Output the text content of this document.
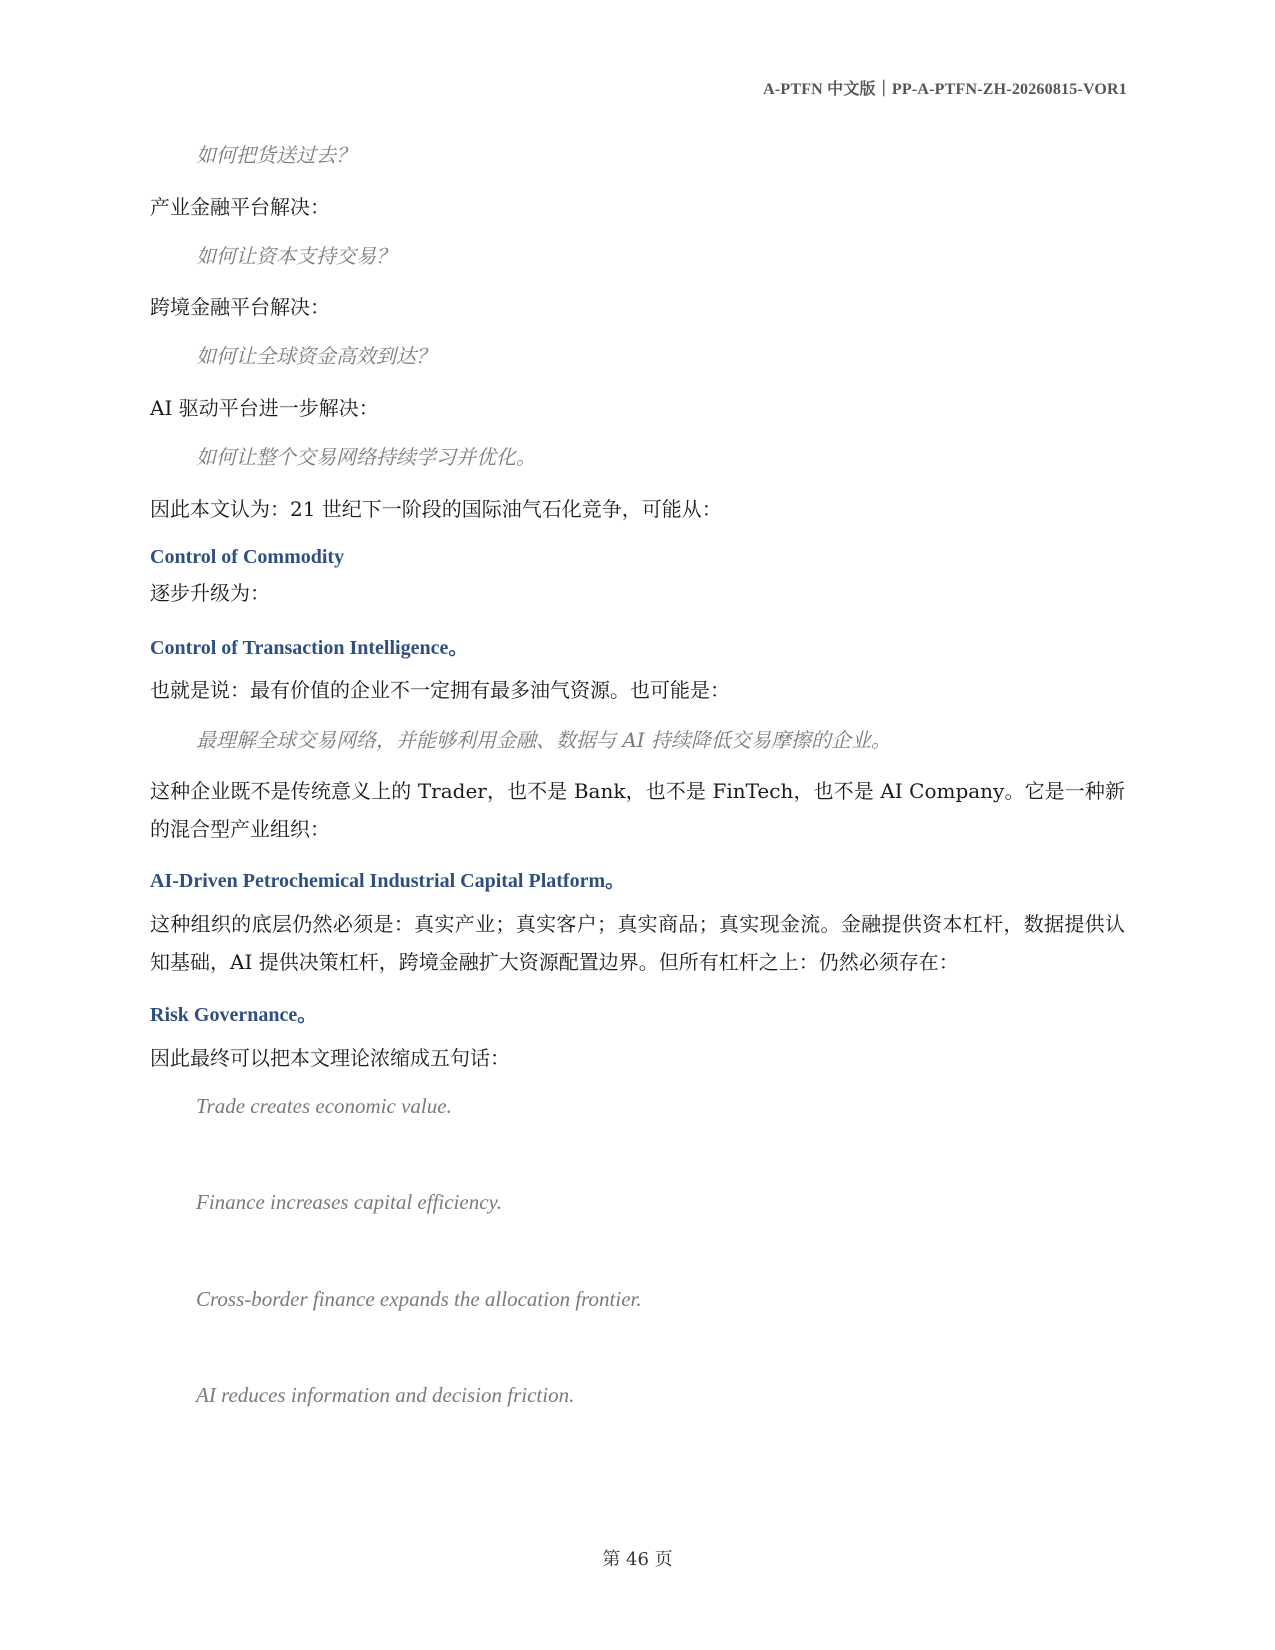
A-PTFN 中文版｜PP-A-PTFN-ZH-20260815-VOR1
如何把货送过去？
产业金融平台解决：
如何让资本支持交易？
跨境金融平台解决：
如何让全球资金高效到达？
AI 驱动平台进一步解决：
如何让整个交易网络持续学习并优化。
因此本文认为：21 世纪下一阶段的国际油气石化竞争，可能从：
Control of Commodity
逐步升级为：
Control of Transaction Intelligence。
也就是说：最有价值的企业不一定拥有最多油气资源。也可能是：
最理解全球交易网络，并能够利用金融、数据与 AI 持续降低交易摩擦的企业。
这种企业既不是传统意义上的 Trader，也不是 Bank，也不是 FinTech，也不是 AI Company。它是一种新的混合型产业组织：
AI-Driven Petrochemical Industrial Capital Platform。
这种组织的底层仍然必须是：真实产业；真实客户；真实商品；真实现金流。金融提供资本杠杆，数据提供认知基础，AI 提供决策杠杆，跨境金融扩大资源配置边界。但所有杠杆之上：仍然必须存在：
Risk Governance。
因此最终可以把本文理论浓缩成五句话：
Trade creates economic value.
Finance increases capital efficiency.
Cross-border finance expands the allocation frontier.
AI reduces information and decision friction.
第 46 页
